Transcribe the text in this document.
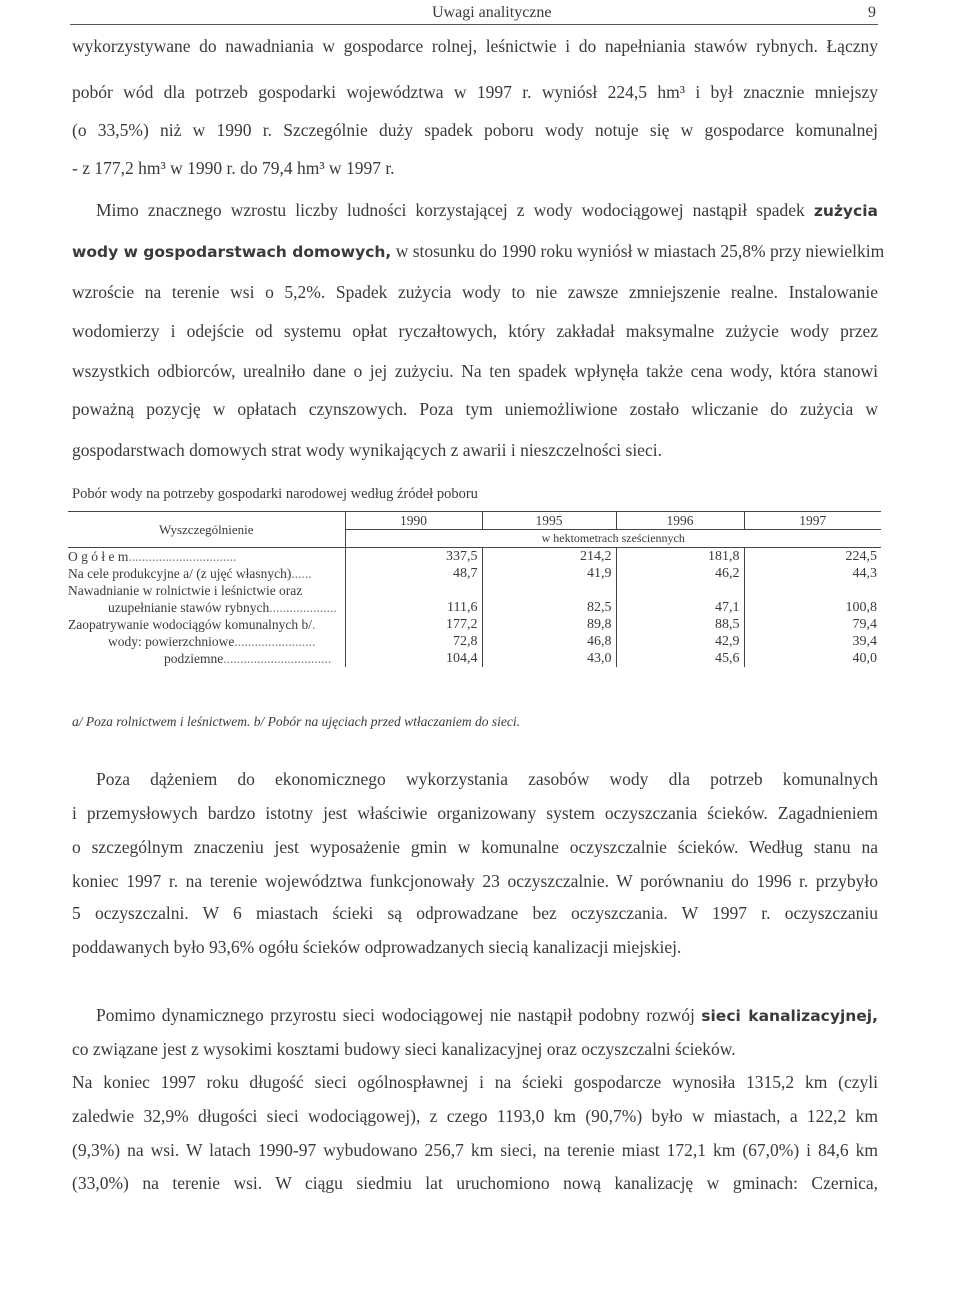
Uwagi analityczne	9
wykorzystywane do nawadniania w gospodarce rolnej, leśnictwie i do napełniania stawów rybnych. Łączny
pobór wód dla potrzeb gospodarki województwa w 1997 r. wyniósł 224,5 hm³ i był znacznie mniejszy
(o 33,5%) niż w 1990 r. Szczególnie duży spadek poboru wody notuje się w gospodarce komunalnej
- z 177,2 hm³ w 1990 r. do 79,4 hm³ w 1997 r.
Mimo znacznego wzrostu liczby ludności korzystającej z wody wodociągowej nastąpił spadek zużycia
wody w gospodarstwach domowych, w stosunku do 1990 roku wyniósł w miastach 25,8% przy niewielkim
wzroście na terenie wsi o 5,2%. Spadek zużycia wody to nie zawsze zmniejszenie realne. Instalowanie
wodomierzy i odejście od systemu opłat ryczałtowych, który zakładał maksymalne zużycie wody przez
wszystkich odbiorców, urealniło dane o jej zużyciu. Na ten spadek wpłynęła także cena wody, która stanowi
poważną pozycję w opłatach czynszowych. Poza tym uniemożliwione zostało wliczanie do zużycia w
gospodarstwach domowych strat wody wynikających z awarii i nieszczelności sieci.
Pobór wody na potrzeby gospodarki narodowej według źródeł poboru
Wyszczególnienie	1990	1995	1996	1997
	w hektometrach sześciennych			
O g ó ł e m................................	337,5	214,2	181,8	224,5
Na cele produkcyjne a/ (z ujęć własnych)......	48,7	41,9	46,2	44,3
Nawadnianie w rolnictwie i leśnictwie oraz				
uzupełnianie stawów rybnych....................	111,6	82,5	47,1	100,8
Zaopatrywanie wodociągów komunalnych b/.	177,2	89,8	88,5	79,4
wody: powierzchniowe........................	72,8	46,8	42,9	39,4
podziemne................................	104,4	43,0	45,6	40,0
a/ Poza rolnictwem i leśnictwem. b/ Pobór na ujęciach przed wtłaczaniem do sieci.
Poza dążeniem do ekonomicznego wykorzystania zasobów wody dla potrzeb komunalnych
i przemysłowych bardzo istotny jest właściwie organizowany system oczyszczania ścieków. Zagadnieniem
o szczególnym znaczeniu jest wyposażenie gmin w komunalne oczyszczalnie ścieków. Według stanu na
koniec 1997 r. na terenie województwa funkcjonowały 23 oczyszczalnie. W porównaniu do 1996 r. przybyło
5 oczyszczalni. W 6 miastach ścieki są odprowadzane bez oczyszczania. W 1997 r. oczyszczaniu
poddawanych było 93,6% ogółu ścieków odprowadzanych siecią kanalizacji miejskiej.
Pomimo dynamicznego przyrostu sieci wodociągowej nie nastąpił podobny rozwój sieci kanalizacyjnej,
co związane jest z wysokimi kosztami budowy sieci kanalizacyjnej oraz oczyszczalni ścieków.
Na koniec 1997 roku długość sieci ogólnospławnej i na ścieki gospodarcze wynosiła 1315,2 km (czyli
zaledwie 32,9% długości sieci wodociągowej), z czego 1193,0 km (90,7%) było w miastach, a 122,2 km
(9,3%) na wsi. W latach 1990-97 wybudowano 256,7 km sieci, na terenie miast 172,1 km (67,0%) i 84,6 km
(33,0%) na terenie wsi. W ciągu siedmiu lat uruchomiono nową kanalizację w gminach: Czernica,
